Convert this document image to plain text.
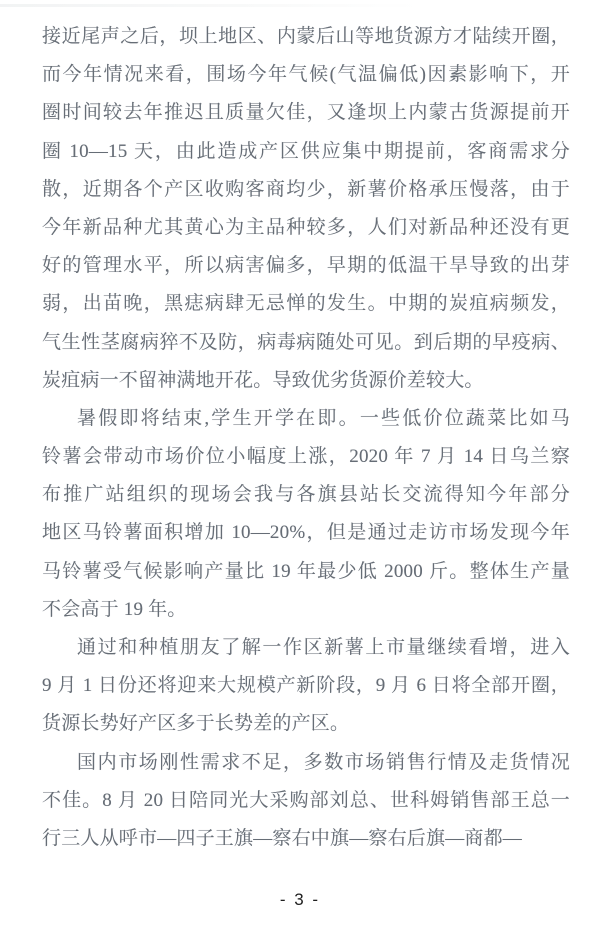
接近尾声之后，坝上地区、内蒙后山等地货源方才陆续开圈，
而今年情况来看，围场今年气候(气温偏低)因素影响下，开
圈时间较去年推迟且质量欠佳，又逢坝上内蒙古货源提前开
圈 10—15 天，由此造成产区供应集中期提前，客商需求分
散，近期各个产区收购客商均少，新薯价格承压慢落，由于
今年新品种尤其黄心为主品种较多，人们对新品种还没有更
好的管理水平，所以病害偏多，早期的低温干旱导致的出芽
弱，出苗晚，黑痣病肆无忌惮的发生。中期的炭疽病频发，
气生性茎腐病猝不及防，病毒病随处可见。到后期的早疫病、
炭疽病一不留神满地开花。导致优劣货源价差较大。
暑假即将结束,学生开学在即。一些低价位蔬菜比如马
铃薯会带动市场价位小幅度上涨，2020 年 7 月 14 日乌兰察
布推广站组织的现场会我与各旗县站长交流得知今年部分
地区马铃薯面积增加 10—20%，但是通过走访市场发现今年
马铃薯受气候影响产量比 19 年最少低 2000 斤。整体生产量
不会高于 19 年。
通过和种植朋友了解一作区新薯上市量继续看增，进入
9 月 1 日份还将迎来大规模产新阶段，9 月 6 日将全部开圈，
货源长势好产区多于长势差的产区。
国内市场刚性需求不足，多数市场销售行情及走货情况
不佳。8 月 20 日陪同光大采购部刘总、世科姆销售部王总一
行三人从呼市—四子王旗—察右中旗—察右后旗—商都—
- 3 -
